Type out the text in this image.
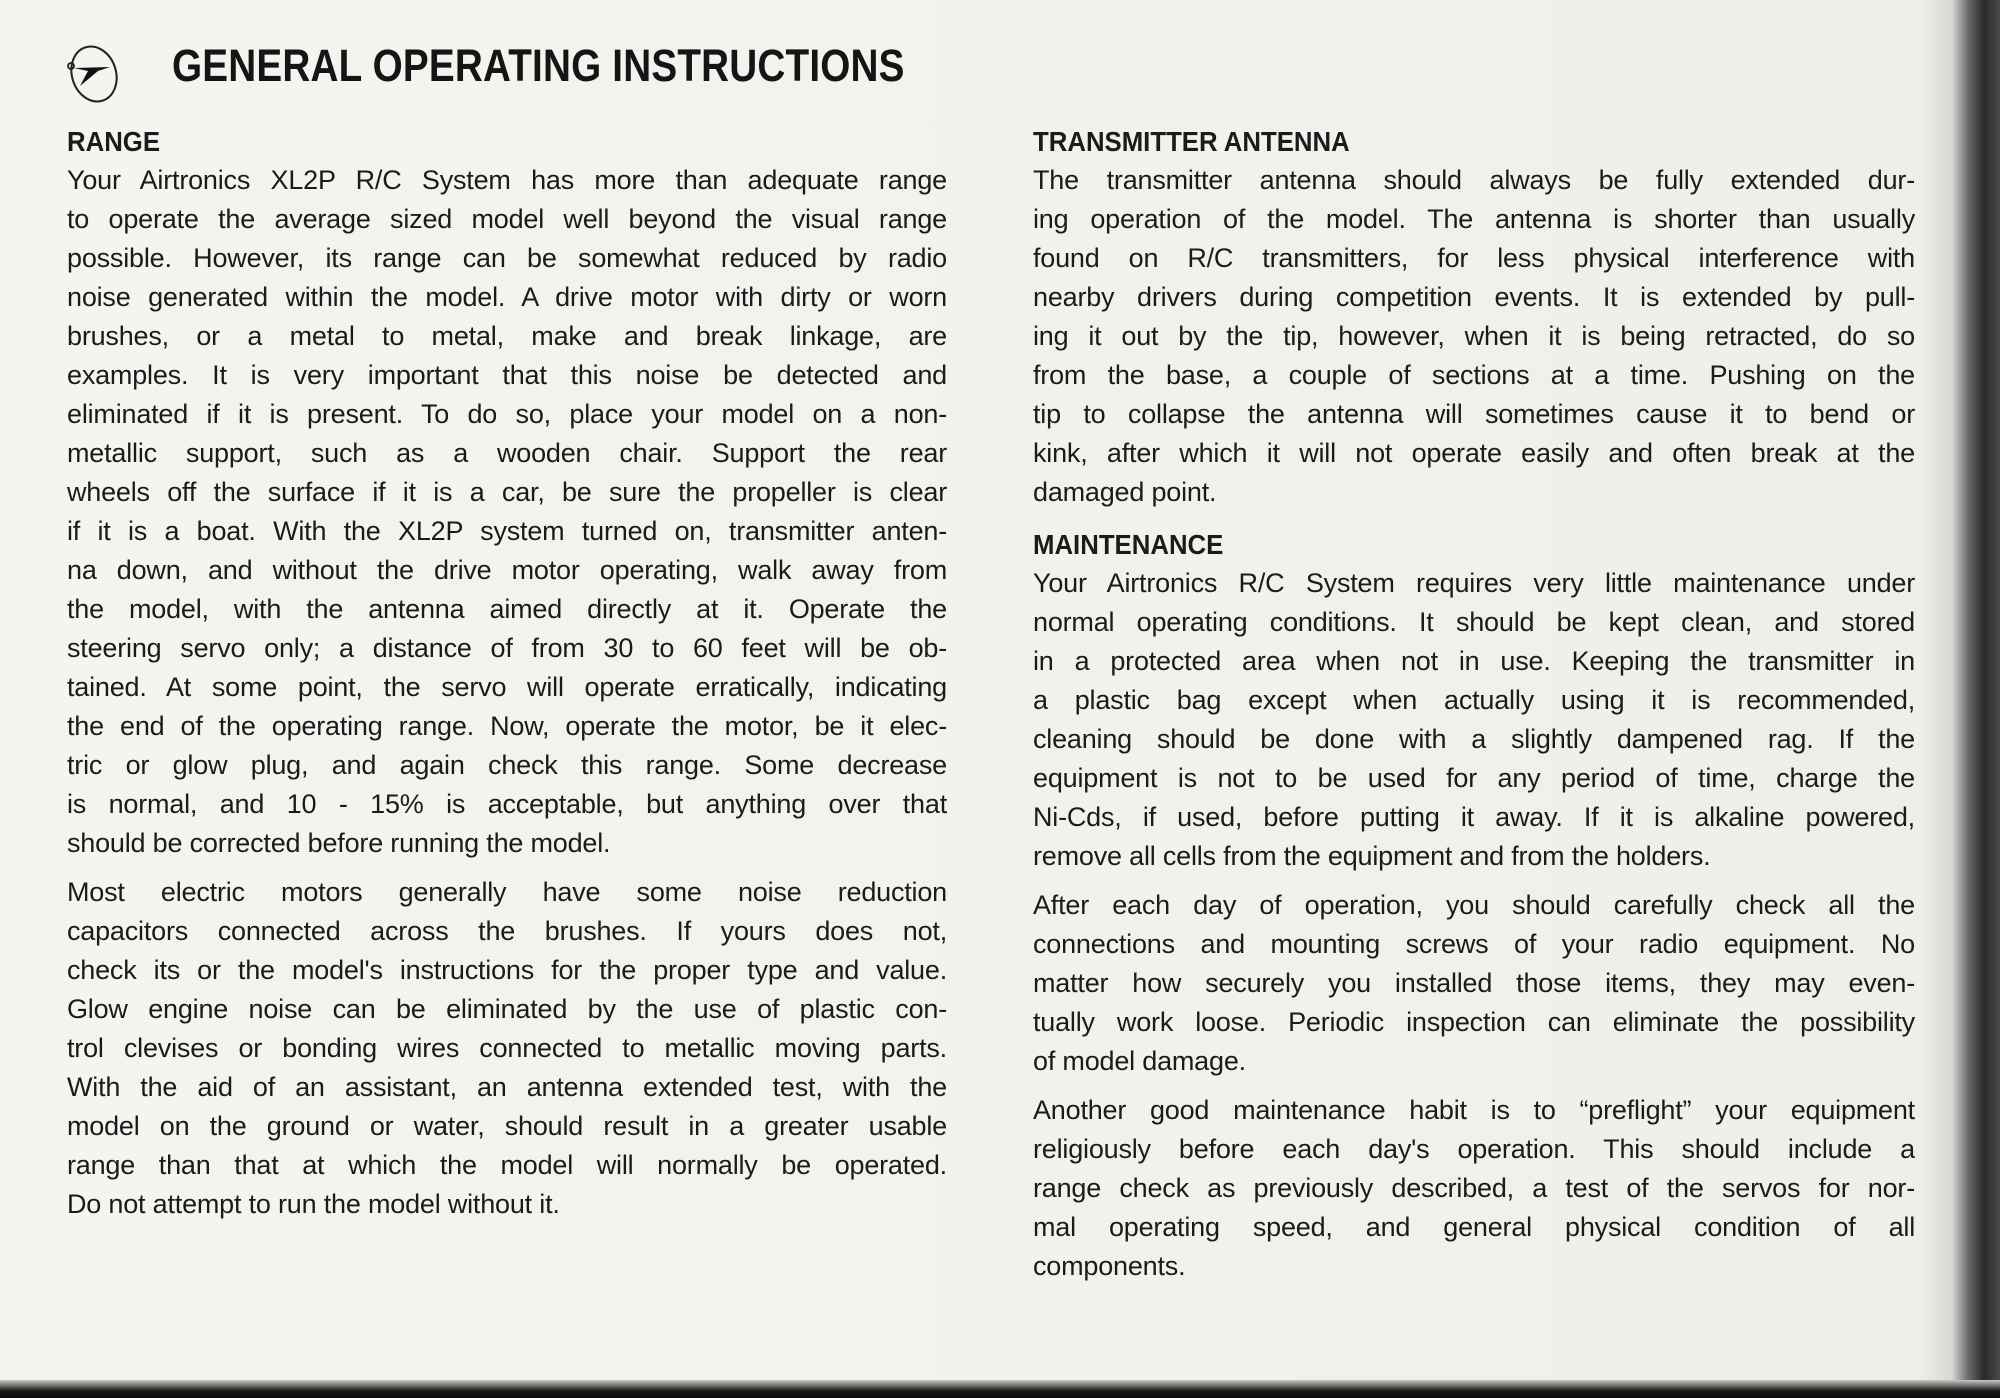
GENERAL OPERATING INSTRUCTIONS
RANGE
Your Airtronics XL2P R/C System has more than adequate range
to operate the average sized model well beyond the visual range
possible. However, its range can be somewhat reduced by radio
noise generated within the model. A drive motor with dirty or worn
brushes, or a metal to metal, make and break linkage, are
examples. It is very important that this noise be detected and
eliminated if it is present. To do so, place your model on a non-
metallic support, such as a wooden chair. Support the rear
wheels off the surface if it is a car, be sure the propeller is clear
if it is a boat. With the XL2P system turned on, transmitter anten-
na down, and without the drive motor operating, walk away from
the model, with the antenna aimed directly at it. Operate the
steering servo only; a distance of from 30 to 60 feet will be ob-
tained. At some point, the servo will operate erratically, indicating
the end of the operating range. Now, operate the motor, be it elec-
tric or glow plug, and again check this range. Some decrease
is normal, and 10 - 15% is acceptable, but anything over that
should be corrected before running the model.
Most electric motors generally have some noise reduction
capacitors connected across the brushes. If yours does not,
check its or the model's instructions for the proper type and value.
Glow engine noise can be eliminated by the use of plastic con-
trol clevises or bonding wires connected to metallic moving parts.
With the aid of an assistant, an antenna extended test, with the
model on the ground or water, should result in a greater usable
range than that at which the model will normally be operated.
Do not attempt to run the model without it.
TRANSMITTER ANTENNA
The transmitter antenna should always be fully extended dur-
ing operation of the model. The antenna is shorter than usually
found on R/C transmitters, for less physical interference with
nearby drivers during competition events. It is extended by pull-
ing it out by the tip, however, when it is being retracted, do so
from the base, a couple of sections at a time. Pushing on the
tip to collapse the antenna will sometimes cause it to bend or
kink, after which it will not operate easily and often break at the
damaged point.
MAINTENANCE
Your Airtronics R/C System requires very little maintenance under
normal operating conditions. It should be kept clean, and stored
in a protected area when not in use. Keeping the transmitter in
a plastic bag except when actually using it is recommended,
cleaning should be done with a slightly dampened rag. If the
equipment is not to be used for any period of time, charge the
Ni-Cds, if used, before putting it away. If it is alkaline powered,
remove all cells from the equipment and from the holders.
After each day of operation, you should carefully check all the
connections and mounting screws of your radio equipment. No
matter how securely you installed those items, they may even-
tually work loose. Periodic inspection can eliminate the possibility
of model damage.
Another good maintenance habit is to “preflight” your equipment
religiously before each day's operation. This should include a
range check as previously described, a test of the servos for nor-
mal operating speed, and general physical condition of all
components.
